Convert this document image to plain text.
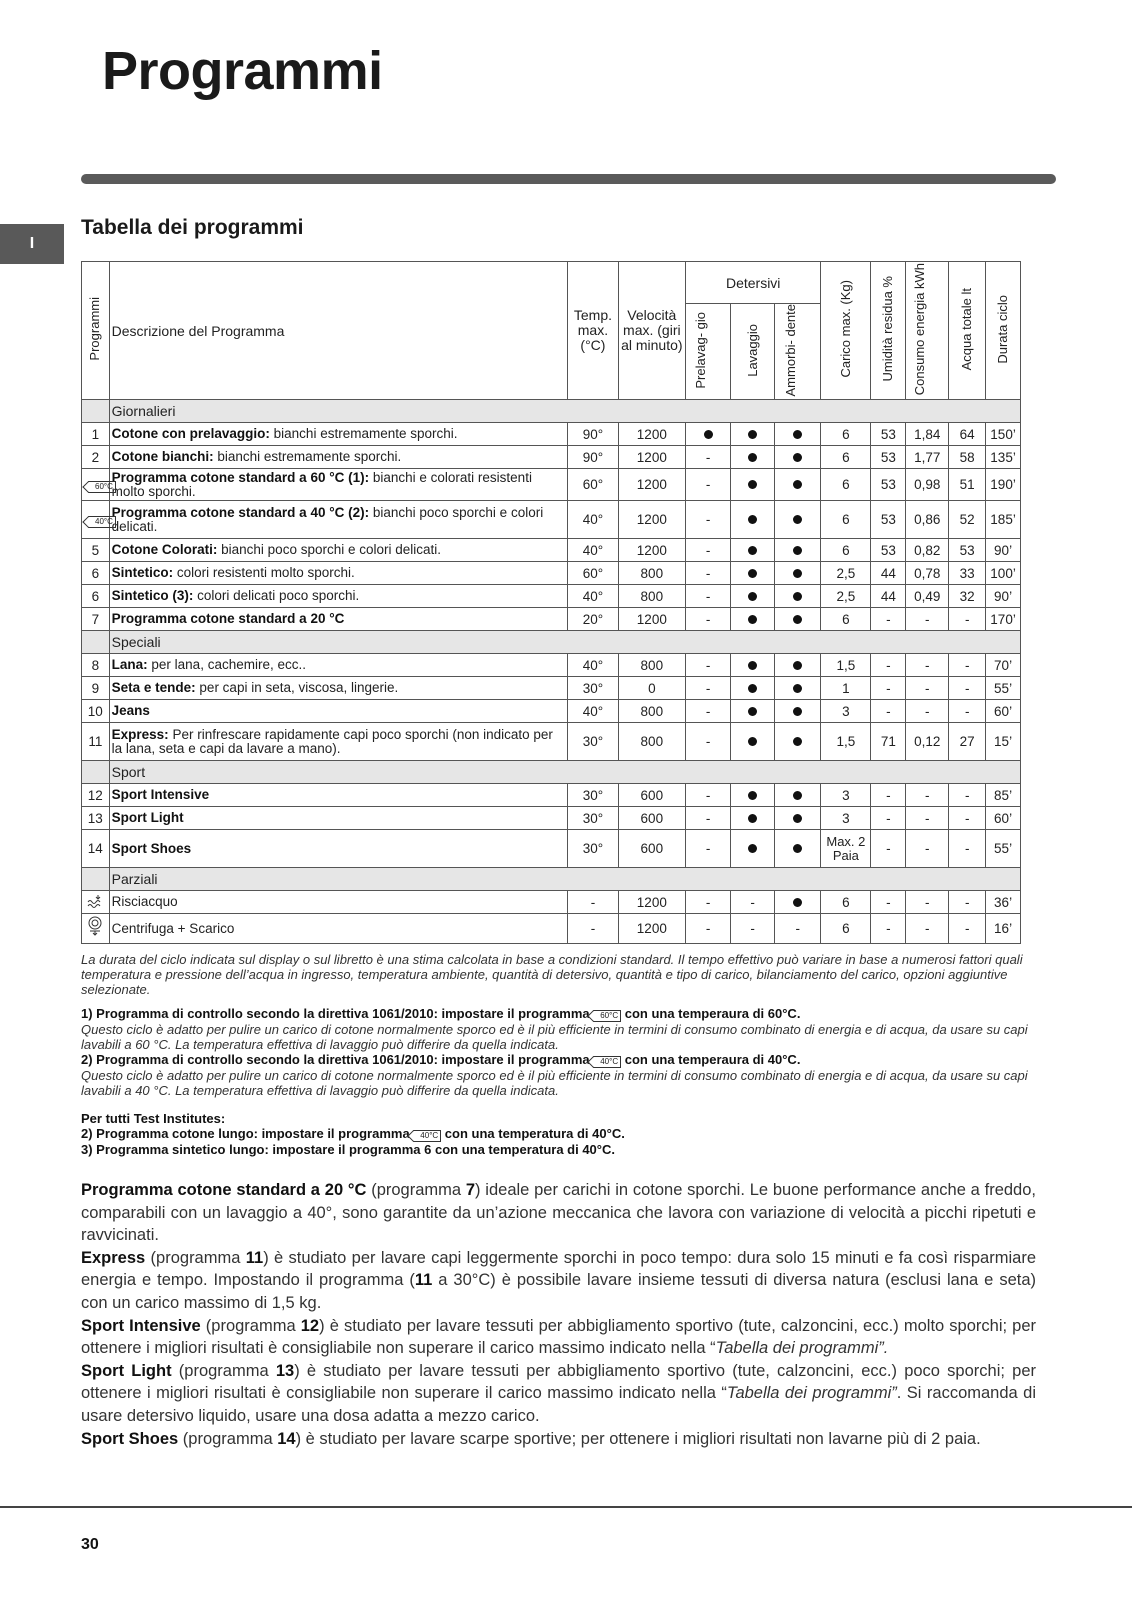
Programmi
I
Tabella dei programmi
Programmi	Descrizione del Programma	Temp. max. (°C)	Velocità max. (giri al minuto)	Detersivi			Carico max. (Kg)	Umidità residua %	Consumo energia kWh	Acqua totale lt	Durata ciclo
				Prelavag- gio	Lavaggio	Ammorbi- dente					
	Giornalieri										
1	Cotone con prelavaggio: bianchi estremamente sporchi.	90°	1200				6	53	1,84	64	150’
2	Cotone bianchi: bianchi estremamente sporchi.	90°	1200	-			6	53	1,77	58	135’
60°C	Programma cotone standard a 60 °C (1): bianchi e colorati resistenti molto sporchi.	60°	1200	-			6	53	0,98	51	190’
40°C	Programma cotone standard a 40 °C (2): bianchi poco sporchi e colori delicati.	40°	1200	-			6	53	0,86	52	185’
5	Cotone Colorati: bianchi poco sporchi e colori delicati.	40°	1200	-			6	53	0,82	53	90’
6	Sintetico: colori resistenti molto sporchi.	60°	800	-			2,5	44	0,78	33	100’
6	Sintetico (3): colori delicati poco sporchi.	40°	800	-			2,5	44	0,49	32	90’
7	Programma cotone standard a 20 °C	20°	1200	-			6	-	-	-	170’
	Speciali										
8	Lana: per lana, cachemire, ecc..	40°	800	-			1,5	-	-	-	70’
9	Seta e tende: per capi in seta, viscosa, lingerie.	30°	0	-			1	-	-	-	55’
10	Jeans	40°	800	-			3	-	-	-	60’
11	Express: Per rinfrescare rapidamente capi poco sporchi (non indicato per la lana, seta e capi da lavare a mano).	30°	800	-			1,5	71	0,12	27	15’
	Sport										
12	Sport Intensive	30°	600	-			3	-	-	-	85’
13	Sport Light	30°	600	-			3	-	-	-	60’
14	Sport Shoes	30°	600	-			Max. 2 Paia	-	-	-	55’
	Parziali										
	Risciacquo	-	1200	-	-		6	-	-	-	36’
	Centrifuga + Scarico	-	1200	-	-	-	6	-	-	-	16’

La durata del ciclo indicata sul display o sul libretto è una stima calcolata in base a condizioni standard. Il tempo effettivo può variare in base a numerosi fattori quali temperatura e pressione dell’acqua in ingresso, temperatura ambiente, quantità di detersivo, quantità e tipo di carico, bilanciamento del carico, opzioni aggiuntive selezionate.

1) Programma di controllo secondo la direttiva 1061/2010: impostare il programma 60°C con una temperaura di 60°C.

Questo ciclo è adatto per pulire un carico di cotone normalmente sporco ed è il più efficiente in termini di consumo combinato di energia e di acqua, da usare su capi lavabili a 60 °C. La temperatura effettiva di lavaggio può differire da quella indicata.

2) Programma di controllo secondo la direttiva 1061/2010: impostare il programma 40°C con una temperaura di 40°C.

Questo ciclo è adatto per pulire un carico di cotone normalmente sporco ed è il più efficiente in termini di consumo combinato di energia e di acqua, da usare su capi lavabili a 40 °C. La temperatura effettiva di lavaggio può differire da quella indicata.

Per tutti Test Institutes:

2) Programma cotone lungo: impostare il programma 40°C con una temperatura di 40°C.

3) Programma sintetico lungo: impostare il programma 6 con una temperatura di 40°C.

Programma cotone standard a 20 °C (programma 7) ideale per carichi in cotone sporchi. Le buone performance anche a freddo, comparabili con un lavaggio a 40°, sono garantite da un’azione meccanica che lavora con variazione di velocità a picchi ripetuti e ravvicinati.

Express (programma 11) è studiato per lavare capi leggermente sporchi in poco tempo: dura solo 15 minuti e fa così risparmiare energia e tempo. Impostando il programma (11 a 30°C) è possibile lavare insieme tessuti di diversa natura (esclusi lana e seta) con un carico massimo di 1,5 kg.

Sport Intensive (programma 12) è studiato per lavare tessuti per abbigliamento sportivo (tute, calzoncini, ecc.) molto sporchi; per ottenere i migliori risultati è consigliabile non superare il carico massimo indicato nella “Tabella dei programmi”.

Sport Light (programma 13) è studiato per lavare tessuti per abbigliamento sportivo (tute, calzoncini, ecc.) poco sporchi; per ottenere i migliori risultati è consigliabile non superare il carico massimo indicato nella “Tabella dei programmi”. Si raccomanda di usare detersivo liquido, usare una dosa adatta a mezzo carico.

Sport Shoes (programma 14) è studiato per lavare scarpe sportive; per ottenere i migliori risultati non lavarne più di 2 paia.

30
